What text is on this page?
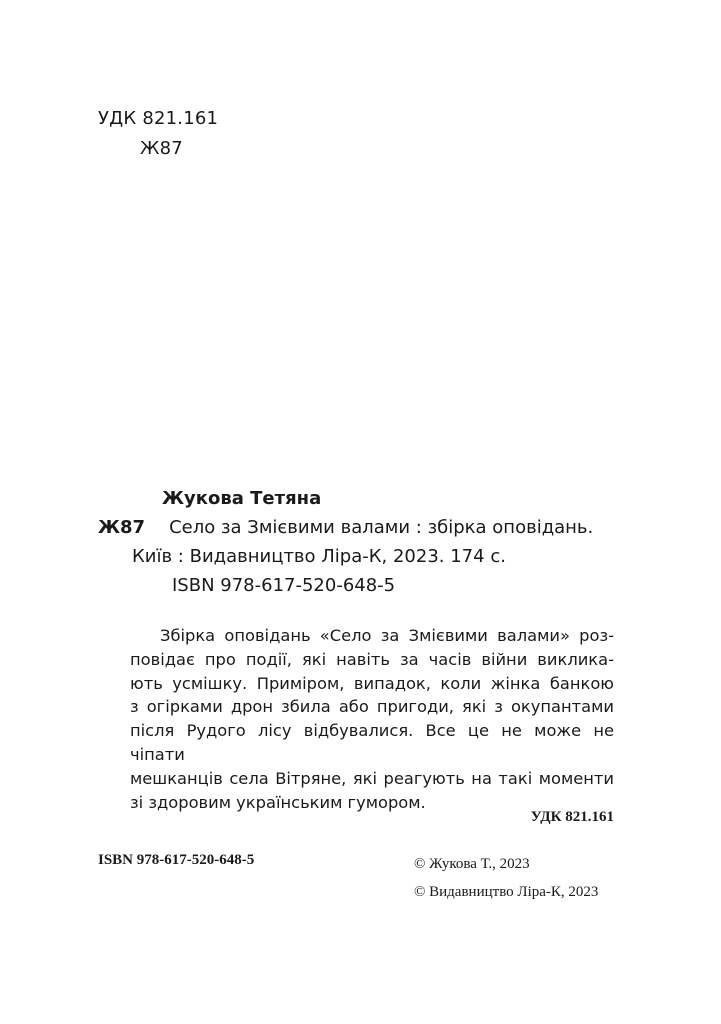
УДК 821.161
Ж87
Жукова Тетяна
Ж87	Село за Змієвими валами : збірка оповідань.
Київ : Видавництво Ліра-К, 2023. 174 с.
ISBN 978-617-520-648-5
Збірка оповідань «Село за Змієвими валами» роз-
повідає про події, які навіть за часів війни виклика-
ють усмішку. Приміром, випадок, коли жінка банкою
з огірками дрон збила або пригоди, які з окупантами
після Рудого лісу відбувалися. Все це не може не чіпати
мешканців села Вітряне, які реагують на такі моменти
зі здоровим українським гумором.
УДК 821.161
ISBN 978-617-520-648-5	© Жукова Т., 2023
© Видавництво Ліра-К, 2023
